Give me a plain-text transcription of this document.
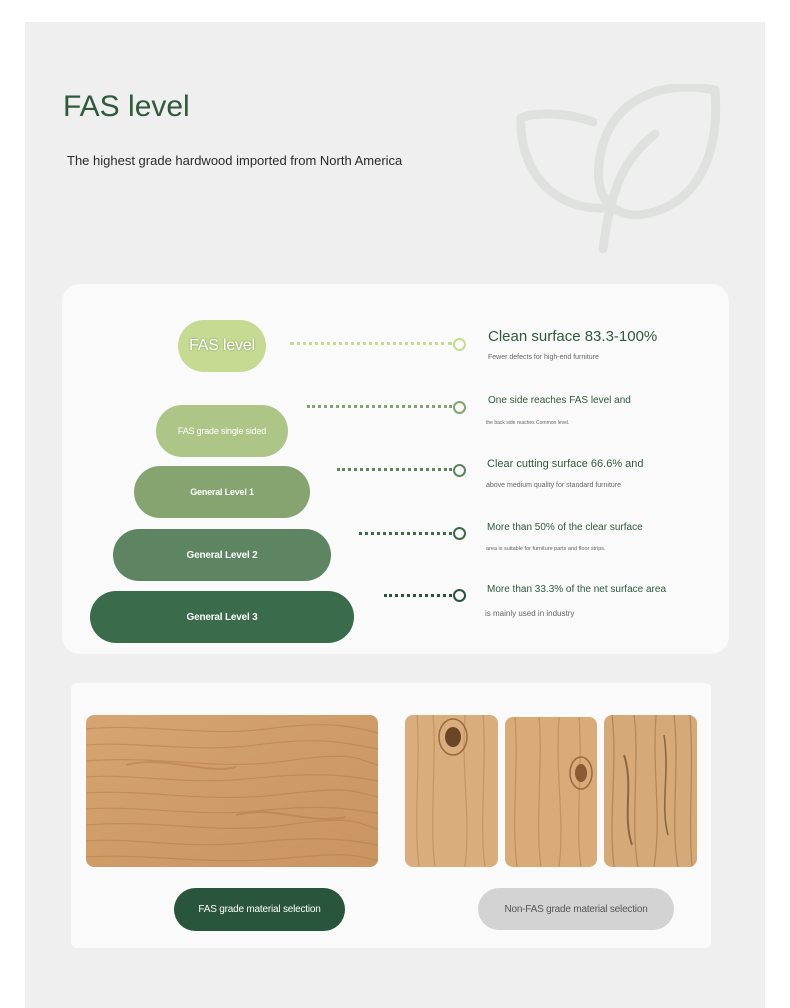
FAS level

The highest grade hardwood imported from North America

FAS level

Clean surface 83.3-100%

Fewer defects for high-end furniture

FAS grade single sided

One side reaches FAS level and

the back side reaches Common level.

General Level 1

Clear cutting surface 66.6% and

above medium quality for standard furniture

General Level 2

More than 50% of the clear surface

area is suitable for furniture parts and floor strips.

General Level 3

More than 33.3% of the net surface area

is mainly used in industry

FAS grade material selection	Non-FAS grade material selection
